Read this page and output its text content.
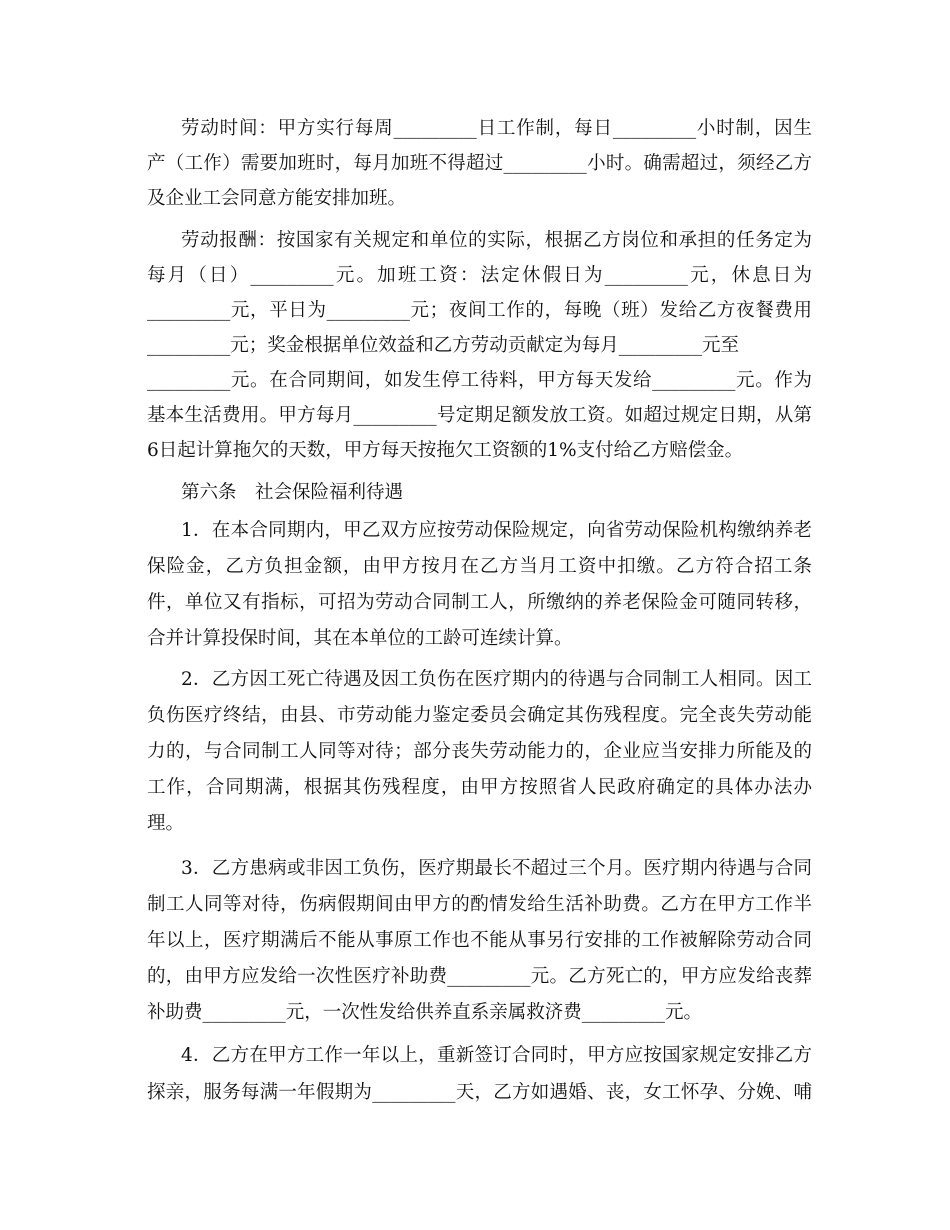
劳动时间：甲方实行每周_________日工作制，每日_________小时制，因生
产（工作）需要加班时，每月加班不得超过_________小时。确需超过，须经乙方
及企业工会同意方能安排加班。
劳动报酬：按国家有关规定和单位的实际，根据乙方岗位和承担的任务定为
每月（日）_________元。加班工资：法定休假日为_________元，休息日为
_________元，平日为_________元；夜间工作的，每晚（班）发给乙方夜餐费用
_________元；奖金根据单位效益和乙方劳动贡献定为每月_________元至
_________元。在合同期间，如发生停工待料，甲方每天发给_________元。作为
基本生活费用。甲方每月_________号定期足额发放工资。如超过规定日期，从第
6日起计算拖欠的天数，甲方每天按拖欠工资额的1%支付给乙方赔偿金。
第六条　社会保险福利待遇
1．在本合同期内，甲乙双方应按劳动保险规定，向省劳动保险机构缴纳养老
保险金，乙方负担金额，由甲方按月在乙方当月工资中扣缴。乙方符合招工条
件，单位又有指标，可招为劳动合同制工人，所缴纳的养老保险金可随同转移，
合并计算投保时间，其在本单位的工龄可连续计算。
2．乙方因工死亡待遇及因工负伤在医疗期内的待遇与合同制工人相同。因工
负伤医疗终结，由县、市劳动能力鉴定委员会确定其伤残程度。完全丧失劳动能
力的，与合同制工人同等对待；部分丧失劳动能力的，企业应当安排力所能及的
工作，合同期满，根据其伤残程度，由甲方按照省人民政府确定的具体办法办
理。
3．乙方患病或非因工负伤，医疗期最长不超过三个月。医疗期内待遇与合同
制工人同等对待，伤病假期间由甲方的酌情发给生活补助费。乙方在甲方工作半
年以上，医疗期满后不能从事原工作也不能从事另行安排的工作被解除劳动合同
的，由甲方应发给一次性医疗补助费_________元。乙方死亡的，甲方应发给丧葬
补助费_________元，一次性发给供养直系亲属救济费_________元。
4．乙方在甲方工作一年以上，重新签订合同时，甲方应按国家规定安排乙方
探亲，服务每满一年假期为_________天，乙方如遇婚、丧，女工怀孕、分娩、哺
